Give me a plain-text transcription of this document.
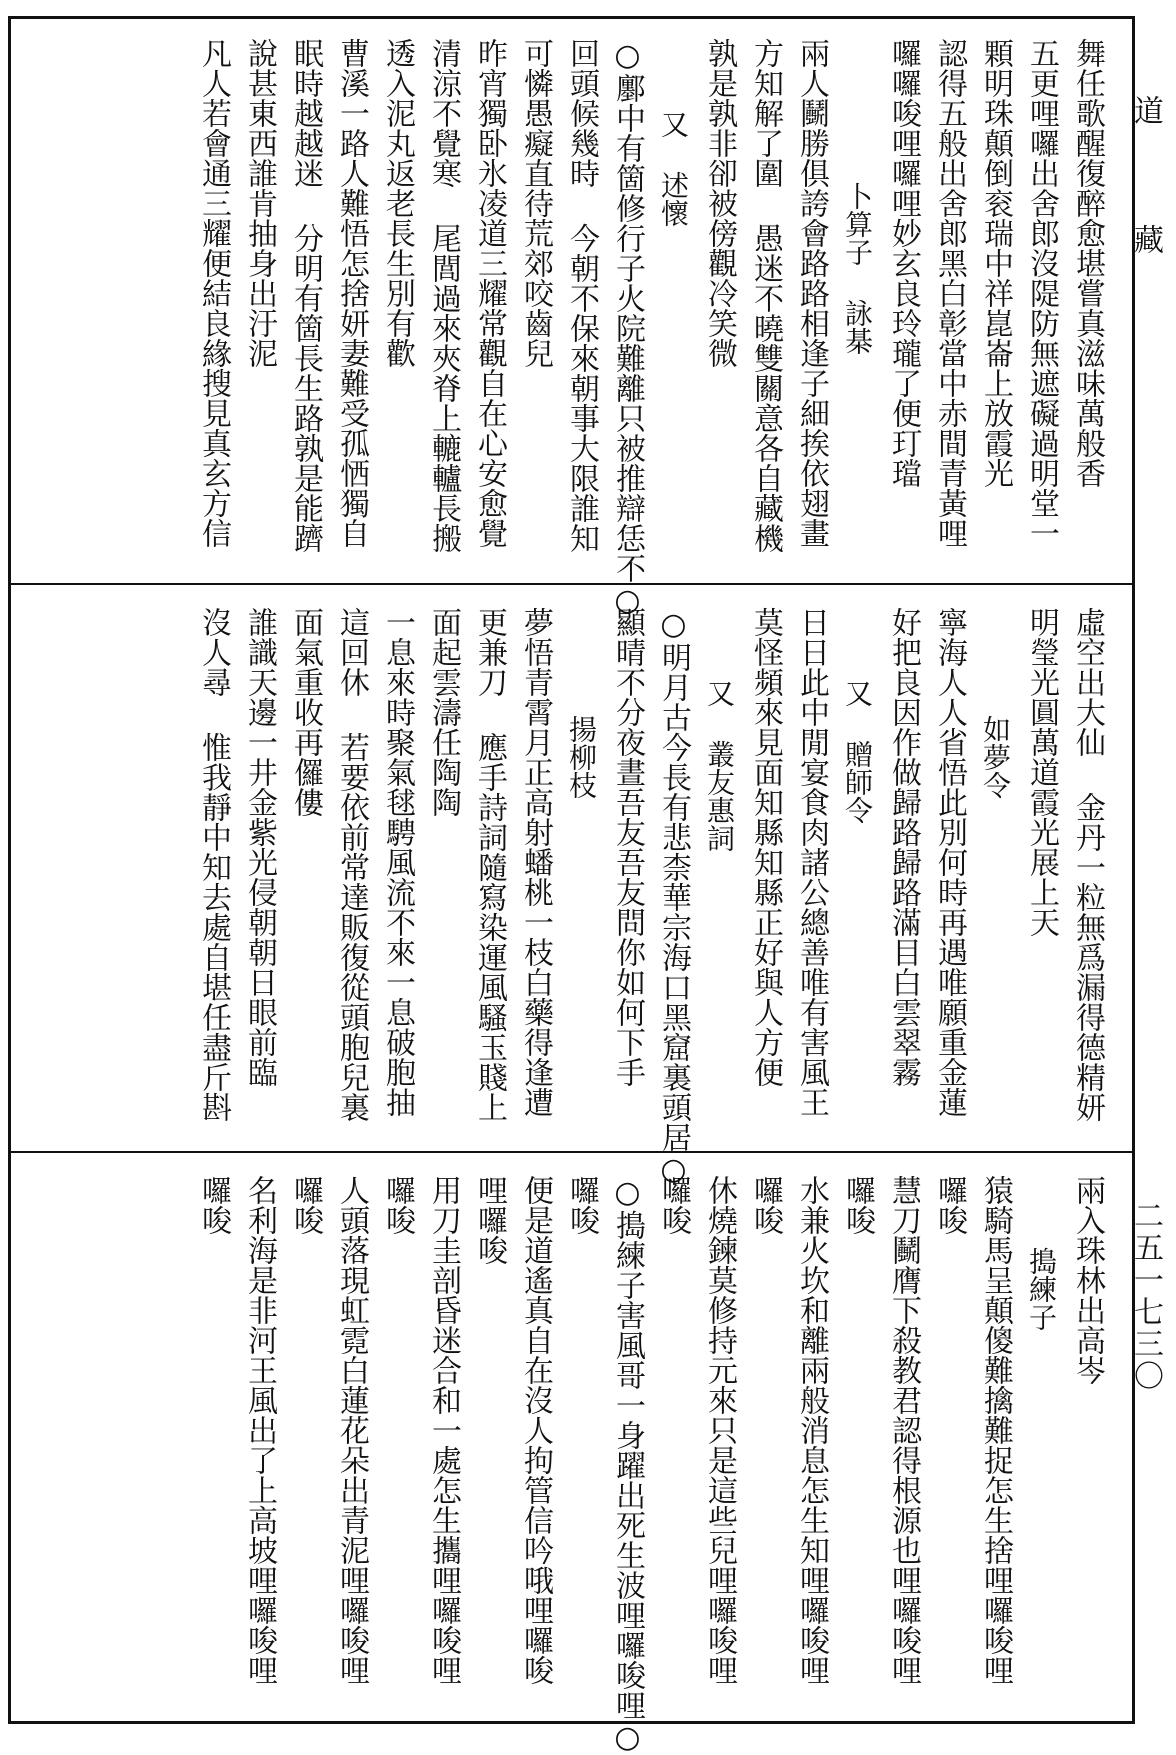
道 藏
二五一七三〇
舞任歌醒復醉愈堪嘗真滋味萬般香
五更哩囉出舍郎沒隄防無遮礙過明堂一
顆明珠顛倒衮瑞中祥崑崙上放霞光
認得五般出舍郎黑白彰當中赤間青黃哩
囉囉唆哩囉哩妙玄良玲瓏了便玎璫
卜算子 詠棊
兩人鬭勝俱誇會路路相逢子細挨依翅畫
方知解了圍 愚迷不曉雙關意各自藏機
孰是孰非卻被傍觀冷笑微
又 述懷
○鄽中有箇修行子火院難離只被推辯恁不○
回頭候幾時 今朝不保來朝事大限誰知
可憐愚癡直待荒郊咬齒兒
昨宵獨卧氷凌道三耀常觀自在心安愈覺
清涼不覺寒 尾閭過來夾脊上轆轤長搬
透入泥丸返老長生別有歡
曹溪一路人難悟怎捨妍妻難受孤恓獨自
眠時越越迷 分明有箇長生路孰是能躋
說甚東西誰肯抽身出汙泥
凡人若會通三耀便結良緣搜見真玄方信
虛空出大仙 金丹一粒無爲漏得德精妍
明瑩光圓萬道霞光展上天
如夢令
寧海人人省悟此別何時再遇唯願重金蓮
好把良因作做歸路歸路滿目白雲翠霧
又 贈師令
日日此中閒宴食肉諸公總善唯有害風王
莫怪頻來見面知縣知縣正好與人方便
又 叢友惠詞
○明月古今長有悲柰華宗海口黑窟裏頭居○
顯晴不分夜晝吾友吾友問你如何下手
揚柳枝
夢悟青霄月正高射蟠桃一枝白藥得逢遭
更兼刀 應手詩詞隨寫染運風騷玉賤上
面起雲濤任陶陶
一息來時聚氣毬騁風流不來一息破胞抽
這回休 若要依前常達販復從頭胞兒裏
面氣重收再儸僂
誰識天邊一井金紫光侵朝朝日眼前臨
沒人尋 惟我靜中知去處自堪任盡斤斟
兩入珠林出高岑
搗練子
猿騎馬呈顛傻難擒難捉怎生捨哩囉唆哩
囉唆
慧刀鬭膺下殺教君認得根源也哩囉唆哩
囉唆
水兼火坎和離兩般消息怎生知哩囉唆哩
囉唆
休燒鍊莫修持元來只是這些兒哩囉唆哩
囉唆
○搗練子害風哥一身躍出死生波哩囉唆哩○
囉唆
便是道遙真自在沒人拘管信吟哦哩囉唆
哩囉唆
用刀圭剖昏迷合和一處怎生攜哩囉唆哩
囉唆
人頭落現虹霓白蓮花朵出青泥哩囉唆哩
囉唆
名利海是非河王風出了上高坡哩囉唆哩
囉唆
